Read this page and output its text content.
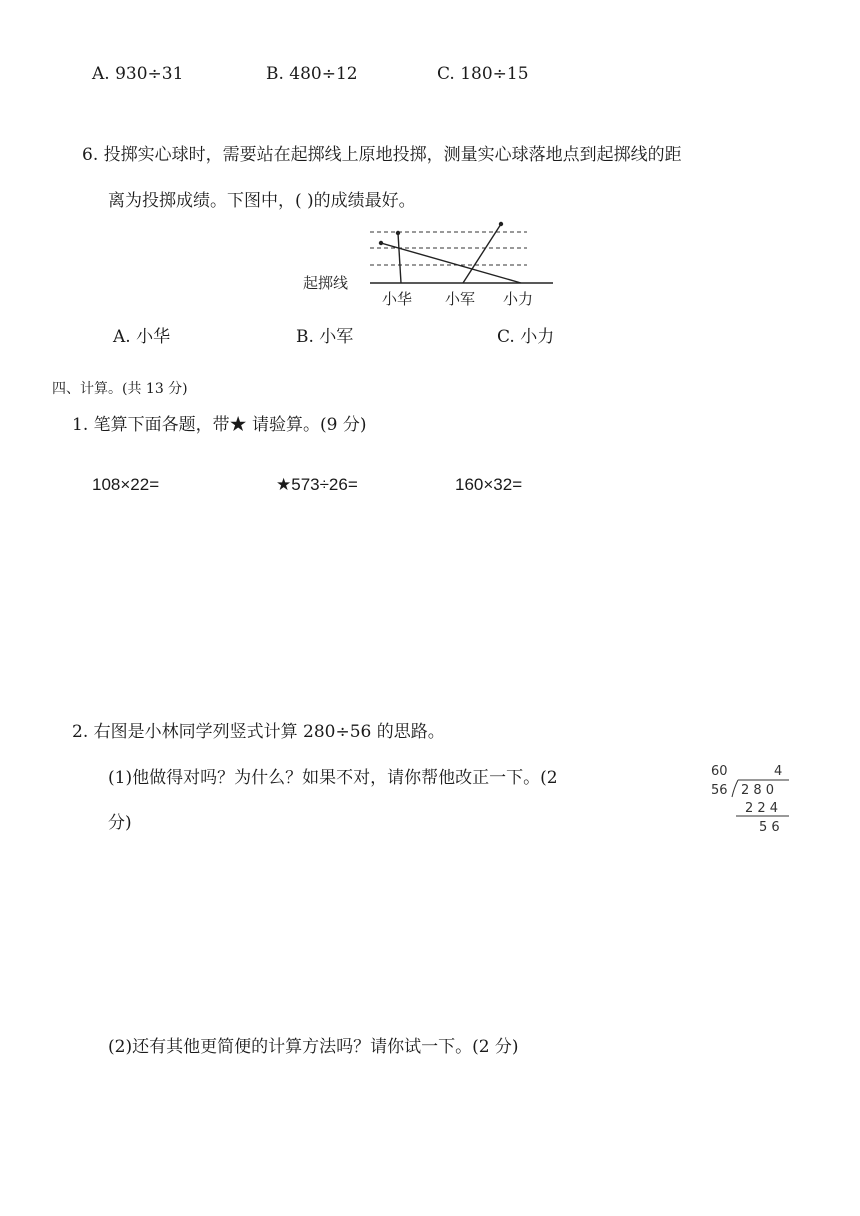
A. 930÷31	B. 480÷12	C. 180÷15
6. 投掷实心球时，需要站在起掷线上原地投掷，测量实心球落地点到起掷线的距
离为投掷成绩。下图中，( )的成绩最好。
起掷线
小华 小军 小力
A. 小华	B. 小军	C. 小力
四、计算。(共 13 分)
1. 笔算下面各题，带★ 请验算。(9 分)
108×22=	★573÷26=	160×32=
2. 右图是小林同学列竖式计算 280÷56 的思路。
(1)他做得对吗？为什么？如果不对，请你帮他改正一下。(2
分)
60	4
56 2 8 0
2 2 4
5 6
(2)还有其他更简便的计算方法吗？请你试一下。(2 分)
